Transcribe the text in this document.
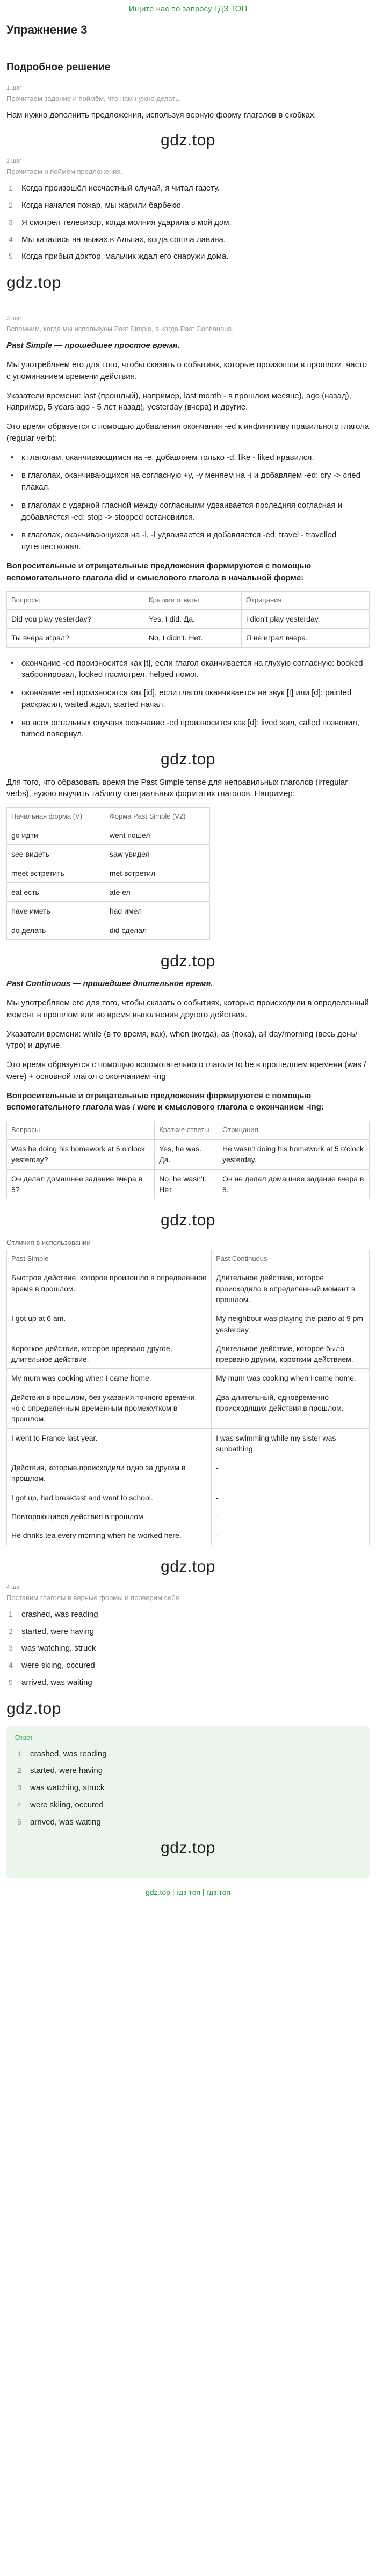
Ищите нас по запросу ГДЗ ТОП
Упражнение 3
Подробное решение
1 шаг
Прочитаем задание и поймём, что нам нужно делать.

Нам нужно дополнить предложения, используя верную форму глаголов в скобках.

gdz.top
2 шаг
Прочитаем и поймём предложения.
Когда произошёл несчастный случай, я читал газету.
Когда начался пожар, мы жарили барбекю.
Я смотрел телевизор, когда молния ударила в мой дом.
Мы катались на лыжах в Альпах, когда сошла лавина.
Когда прибыл доктор, мальчик ждал его снаружи дома.
gdz.top
3 шаг
Вспомним, когда мы используем Past Simple, а когда Past Continuous.

Past Simple — прошедшее простое время.

Мы употребляем его для того, чтобы сказать о событиях, которые произошли в прошлом, часто с упоминанием времени действия.

Указатели времени: last (прошлый), например, last month - в прошлом месяце), ago (назад), например, 5 years ago - 5 лет назад), yesterday (вчера) и другие.

Это время образуется с помощью добавления окончания -ed к инфинитиву правильного глагола (regular verb):

• к глаголам, оканчивающимся на -e, добавляем только -d: like - liked нравился.
• в глаголах, оканчивающихся на согласную +y, -y меняем на -i и добавляем -ed: cry -> cried плакал.
• в глаголах с ударной гласной между согласными удваивается последняя согласная и добавляется -ed: stop -> stopped остановился.
• в глаголах, оканчивающихся на -l, -l удваивается и добавляется -ed: travel - travelled путешествовал.

Вопросительные и отрицательные предложения формируются с помощью вспомогательного глагола did и смыслового глагола в начальной форме:

Вопросы	Краткие ответы	Отрицания
Did you play yesterday?	Yes, I did. Да.	I didn't play yesterday.
Ты вчера играл?	No, I didn't. Нет.	Я не играл вчера.
• окончание -ed произносится как [t], если глагол оканчивается на глухую согласную: booked забронировал, looked посмотрел, helped помог.
• окончание -ed произносится как [id], если глагол оканчивается на звук [t] или [d]: painted раскрасил, waited ждал, started начал.
• во всех остальных случаях окончание -ed произносится как [d]: lived жил, called позвонил, turned повернул.
gdz.top

Для того, что образовать время the Past Simple tense для неправильных глаголов (irregular verbs), нужно выучить таблицу специальных форм этих глаголов. Например:

Начальная форма (V)	Форма Past Simple (V2)
go идти	went пошел
see видеть	saw увидел
meet встретить	met встретил
eat есть	ate ел
have иметь	had имел
do делать	did сделал
gdz.top

Past Continuous — прошедшее длительное время.

Мы употребляем его для того, чтобы сказать о событиях, которые происходили в определенный момент в прошлом или во время выполнения другого действия.

Указатели времени: while (в то время, как), when (когда), as (пока), all day/morning (весь день/утро) и другие.

Это время образуется с помощью вспомогательного глагола to be в прошедшем времени (was / were) + основной глагол с окончанием -ing

Вопросительные и отрицательные предложения формируются с помощью вспомогательного глагола was / were и смыслового глагола с окончанием -ing:

Вопросы	Краткие ответы	Отрицания
Was he doing his homework at 5 o'clock yesterday?	Yes, he was. Да.	He wasn't doing his homework at 5 o'clock yesterday.
Он делал домашнее задание вчера в 5?	No, he wasn't. Нет.	Он не делал домашнее задание вчера в 5.
gdz.top
Отличия в использовании
Past Simple	Past Continuous
Быстрое действие, которое произошло в определенное время в прошлом.	Длительное действие, которое происходило в определенный момент в прошлом.
I got up at 6 am.	My neighbour was playing the piano at 9 pm yesterday.
Короткое действие, которое прервало другое, длительное действие.	Длительное действие, которое было прервано другим, коротким действием.
My mum was cooking when I came home.	My mum was cooking when I came home.
Действия в прошлом, без указания точного времени, но с определенным временным промежутком в прошлом.	Два длительный, одновременно происходящих действия в прошлом.
I went to France last year.	I was swimming while my sister was sunbathing.
Действия, которые происходили одно за другим в прошлом.	-
I got up, had breakfast and went to school.	-
Повторяющиеся действия в прошлом	-
He drinks tea every morning when he worked here.	-
gdz.top
4 шаг
Поставим глаголы в верные формы и проверим себя.
crashed, was reading
started, were having
was watching, struck
were skiing, occured
arrived, was waiting
gdz.top
Ответ
crashed, was reading
started, were having
was watching, struck
were skiing, occured
arrived, was waiting
gdz.top
gdz.top | гдз топ | гдз.топ
